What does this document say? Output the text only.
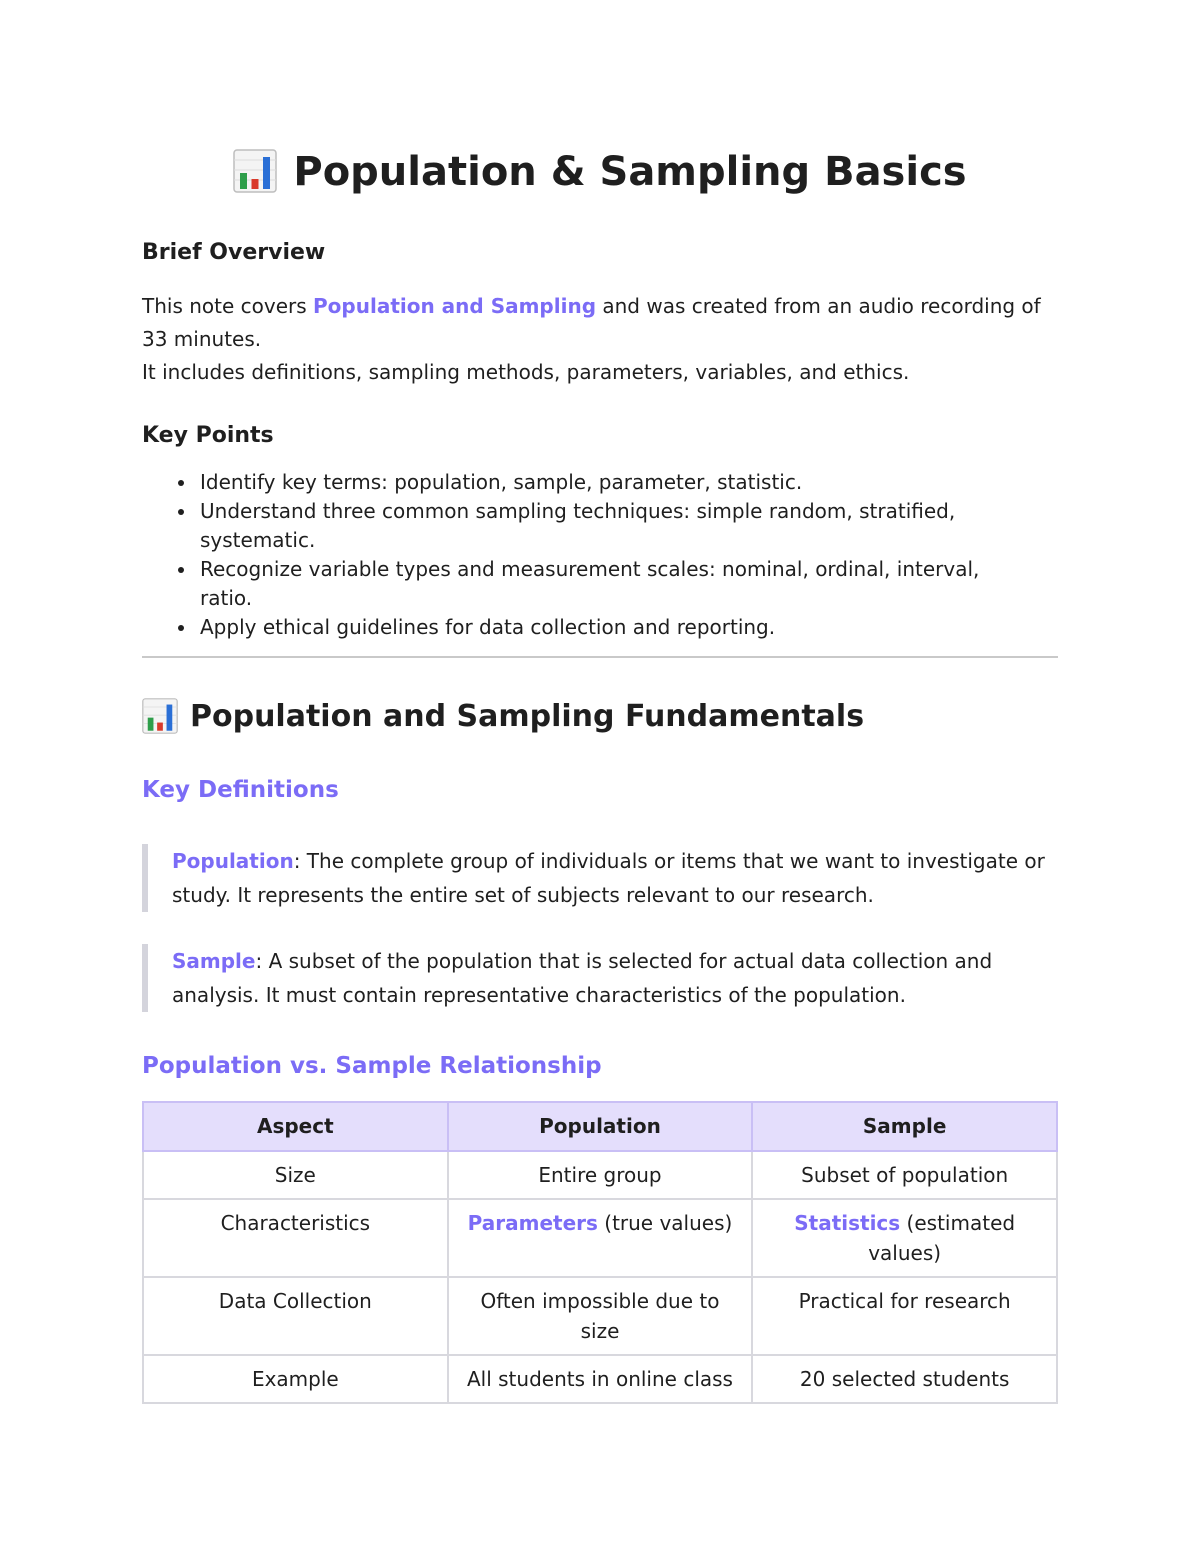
Population & Sampling Basics
Brief Overview
This note covers Population and Sampling and was created from an audio recording of 33 minutes.
It includes definitions, sampling methods, parameters, variables, and ethics.
Key Points
Identify key terms: population, sample, parameter, statistic.
Understand three common sampling techniques: simple random, stratified, systematic.
Recognize variable types and measurement scales: nominal, ordinal, interval, ratio.
Apply ethical guidelines for data collection and reporting.
Population and Sampling Fundamentals
Key Definitions
Population: The complete group of individuals or items that we want to investigate or study. It represents the entire set of subjects relevant to our research.
Sample: A subset of the population that is selected for actual data collection and analysis. It must contain representative characteristics of the population.
Population vs. Sample Relationship
Aspect	Population	Sample
Size	Entire group	Subset of population
Characteristics	Parameters (true values)	Statistics (estimated values)
Data Collection	Often impossible due to size	Practical for research
Example	All students in online class	20 selected students
